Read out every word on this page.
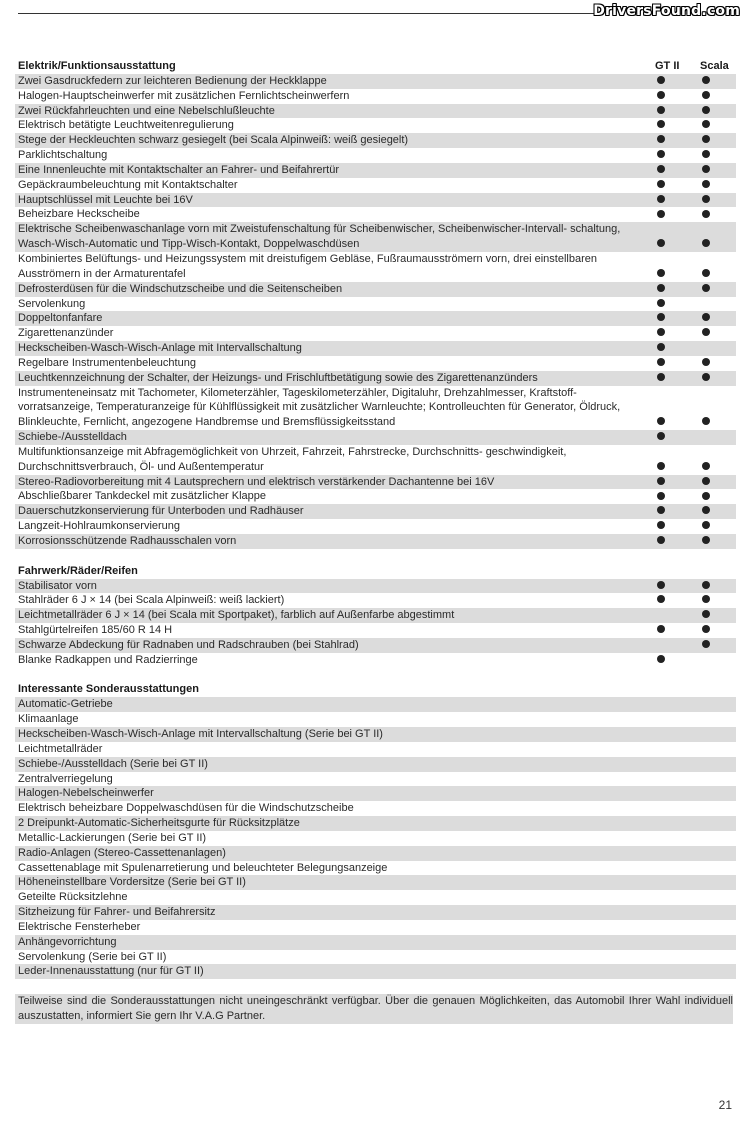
DriversFound.com
Elektrik/Funktionsausstattung	GT II Scala
Zwei Gasdruckfedern zur leichteren Bedienung der Heckklappe
Halogen-Hauptscheinwerfer mit zusätzlichen Fernlichtscheinwerfern
Zwei Rückfahrleuchten und eine Nebelschlußleuchte
Elektrisch betätigte Leuchtweitenregulierung
Stege der Heckleuchten schwarz gesiegelt (bei Scala Alpinweiß: weiß gesiegelt)
Parklichtschaltung
Eine Innenleuchte mit Kontaktschalter an Fahrer- und Beifahrertür
Gepäckraumbeleuchtung mit Kontaktschalter
Hauptschlüssel mit Leuchte bei 16V
Beheizbare Heckscheibe
Elektrische Scheibenwaschanlage vorn mit Zweistufenschaltung für Scheibenwischer, Scheibenwischer-Intervall- schaltung, Wasch-Wisch-Automatic und Tipp-Wisch-Kontakt, Doppelwaschdüsen
Kombiniertes Belüftungs- und Heizungssystem mit dreistufigem Gebläse, Fußraumausströmern vorn, drei einstellbaren Ausströmern in der Armaturentafel
Defrosterdüsen für die Windschutzscheibe und die Seitenscheiben
Servolenkung
Doppeltonfanfare
Zigarettenanzünder
Heckscheiben-Wasch-Wisch-Anlage mit Intervallschaltung
Regelbare Instrumentenbeleuchtung
Leuchtkennzeichnung der Schalter, der Heizungs- und Frischluftbetätigung sowie des Zigarettenanzünders
Instrumenteneinsatz mit Tachometer, Kilometerzähler, Tageskilometerzähler, Digitaluhr, Drehzahlmesser, Kraftstoff- vorratsanzeige, Temperaturanzeige für Kühlflüssigkeit mit zusätzlicher Warnleuchte; Kontrolleuchten für Generator, Öldruck, Blinkleuchte, Fernlicht, angezogene Handbremse und Bremsflüssigkeitsstand
Schiebe-/Ausstelldach
Multifunktionsanzeige mit Abfragemöglichkeit von Uhrzeit, Fahrzeit, Fahrstrecke, Durchschnitts- geschwindigkeit, Durchschnittsverbrauch, Öl- und Außentemperatur
Stereo-Radiovorbereitung mit 4 Lautsprechern und elektrisch verstärkender Dachantenne bei 16V
Abschließbarer Tankdeckel mit zusätzlicher Klappe
Dauerschutzkonservierung für Unterboden und Radhäuser
Langzeit-Hohlraumkonservierung
Korrosionsschützende Radhausschalen vorn
Fahrwerk/Räder/Reifen
Stabilisator vorn
Stahlräder 6 J × 14 (bei Scala Alpinweiß: weiß lackiert)
Leichtmetallräder 6 J × 14 (bei Scala mit Sportpaket), farblich auf Außenfarbe abgestimmt
Stahlgürtelreifen 185/60 R 14 H
Schwarze Abdeckung für Radnaben und Radschrauben (bei Stahlrad)
Blanke Radkappen und Radzierringe
Interessante Sonderausstattungen
Automatic-Getriebe
Klimaanlage
Heckscheiben-Wasch-Wisch-Anlage mit Intervallschaltung (Serie bei GT II)
Leichtmetallräder
Schiebe-/Ausstelldach (Serie bei GT II)
Zentralverriegelung
Halogen-Nebelscheinwerfer
Elektrisch beheizbare Doppelwaschdüsen für die Windschutzscheibe
2 Dreipunkt-Automatic-Sicherheitsgurte für Rücksitzplätze
Metallic-Lackierungen (Serie bei GT II)
Radio-Anlagen (Stereo-Cassettenanlagen)
Cassettenablage mit Spulenarretierung und beleuchteter Belegungsanzeige
Höheneinstellbare Vordersitze (Serie bei GT II)
Geteilte Rücksitzlehne
Sitzheizung für Fahrer- und Beifahrersitz
Elektrische Fensterheber
Anhängevorrichtung
Servolenkung (Serie bei GT II)
Leder-Innenausstattung (nur für GT II)
Teilweise sind die Sonderausstattungen nicht uneingeschränkt verfügbar. Über die genauen Möglichkeiten, das Automobil Ihrer Wahl individuell auszustatten, informiert Sie gern Ihr V.A.G Partner.
21
